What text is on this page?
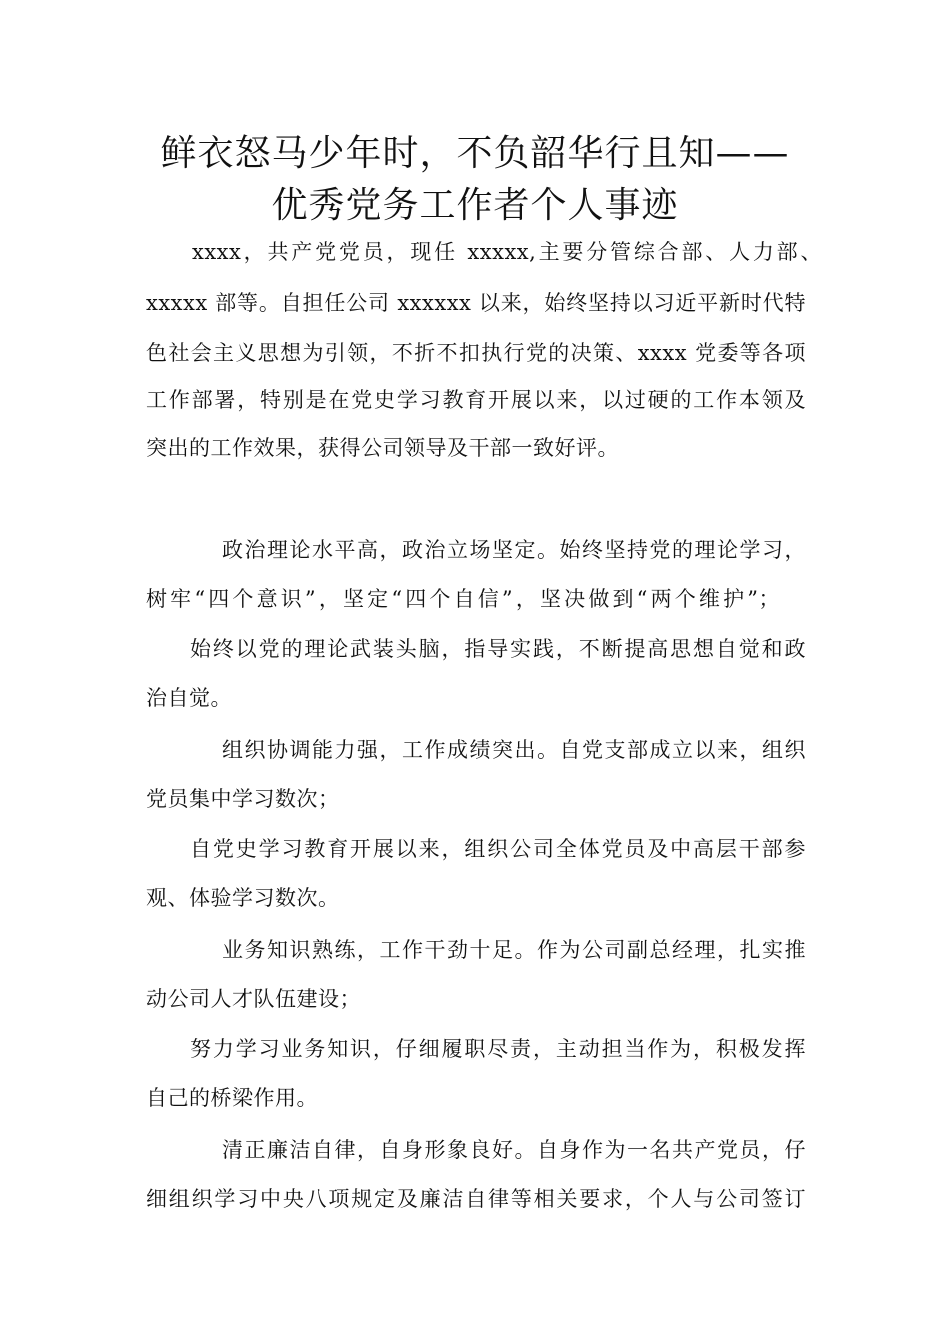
鲜衣怒马少年时，不负韶华行且知——
优秀党务工作者个人事迹
xxxx，共产党党员，现任 xxxxx,主要分管综合部、人力部、
xxxxx 部等。自担任公司 xxxxxx 以来，始终坚持以习近平新时代特
色社会主义思想为引领，不折不扣执行党的决策、xxxx 党委等各项
工作部署，特别是在党史学习教育开展以来，以过硬的工作本领及
突出的工作效果，获得公司领导及干部一致好评。
政治理论水平高，政治立场坚定。始终坚持党的理论学习，
树牢“四个意识”，坚定“四个自信”，坚决做到“两个维护”；
始终以党的理论武装头脑，指导实践，不断提高思想自觉和政
治自觉。
组织协调能力强，工作成绩突出。自党支部成立以来，组织
党员集中学习数次；
自党史学习教育开展以来，组织公司全体党员及中高层干部参
观、体验学习数次。
业务知识熟练，工作干劲十足。作为公司副总经理，扎实推
动公司人才队伍建设；
努力学习业务知识，仔细履职尽责，主动担当作为，积极发挥
自己的桥梁作用。
清正廉洁自律，自身形象良好。自身作为一名共产党员，仔
细组织学习中央八项规定及廉洁自律等相关要求，个人与公司签订
